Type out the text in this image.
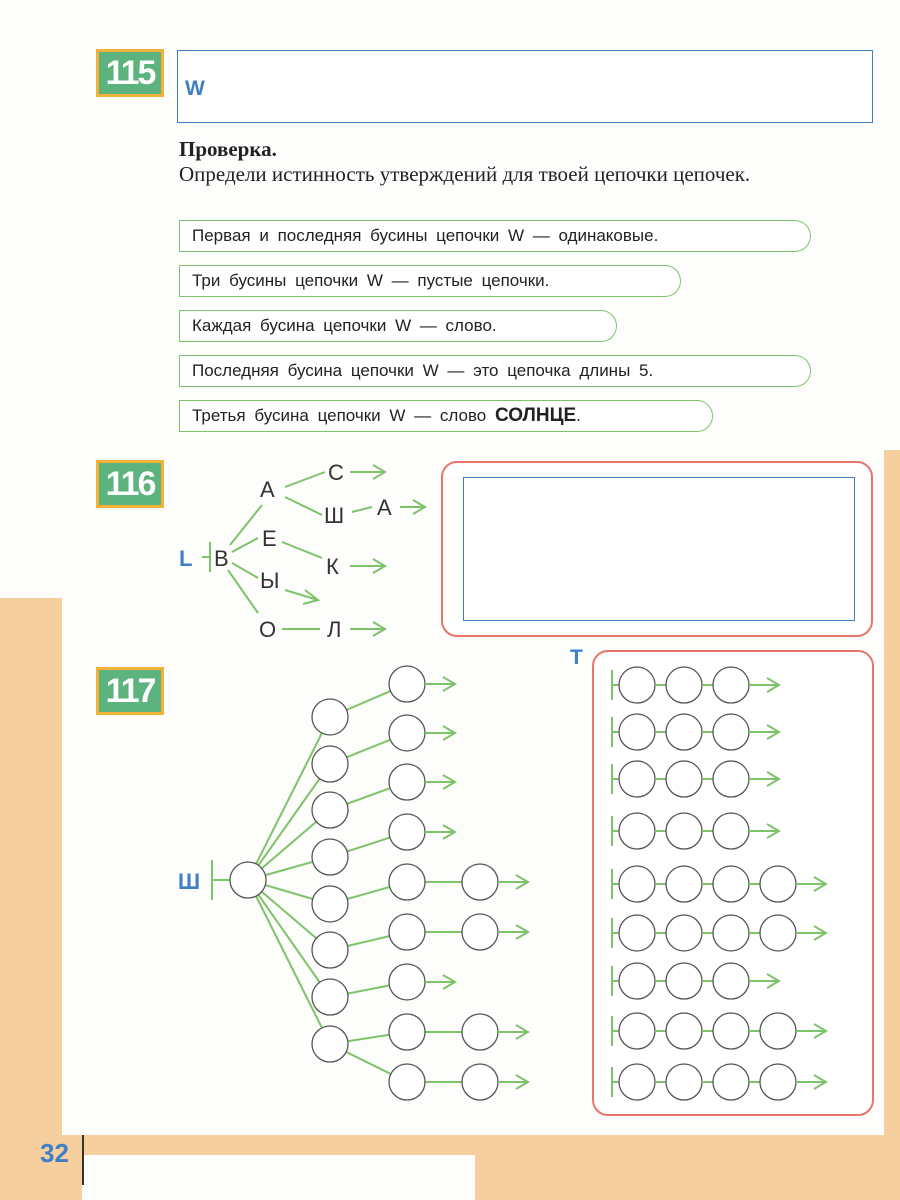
32
115	W
Проверка.
Определи истинность утверждений для твоей цепочки цепочек.
Первая и последняя бусины цепочки W — одинаковые.
Три бусины цепочки W — пустые цепочки.
Каждая бусина цепочки W — слово.
Последняя бусина цепочки W — это цепочка длины 5.
Третья бусина цепочки W — слово СОЛНЦЕ.
116
L В
А
С
Ш А
Е
К
Ы
О Л
Ш
117
T
